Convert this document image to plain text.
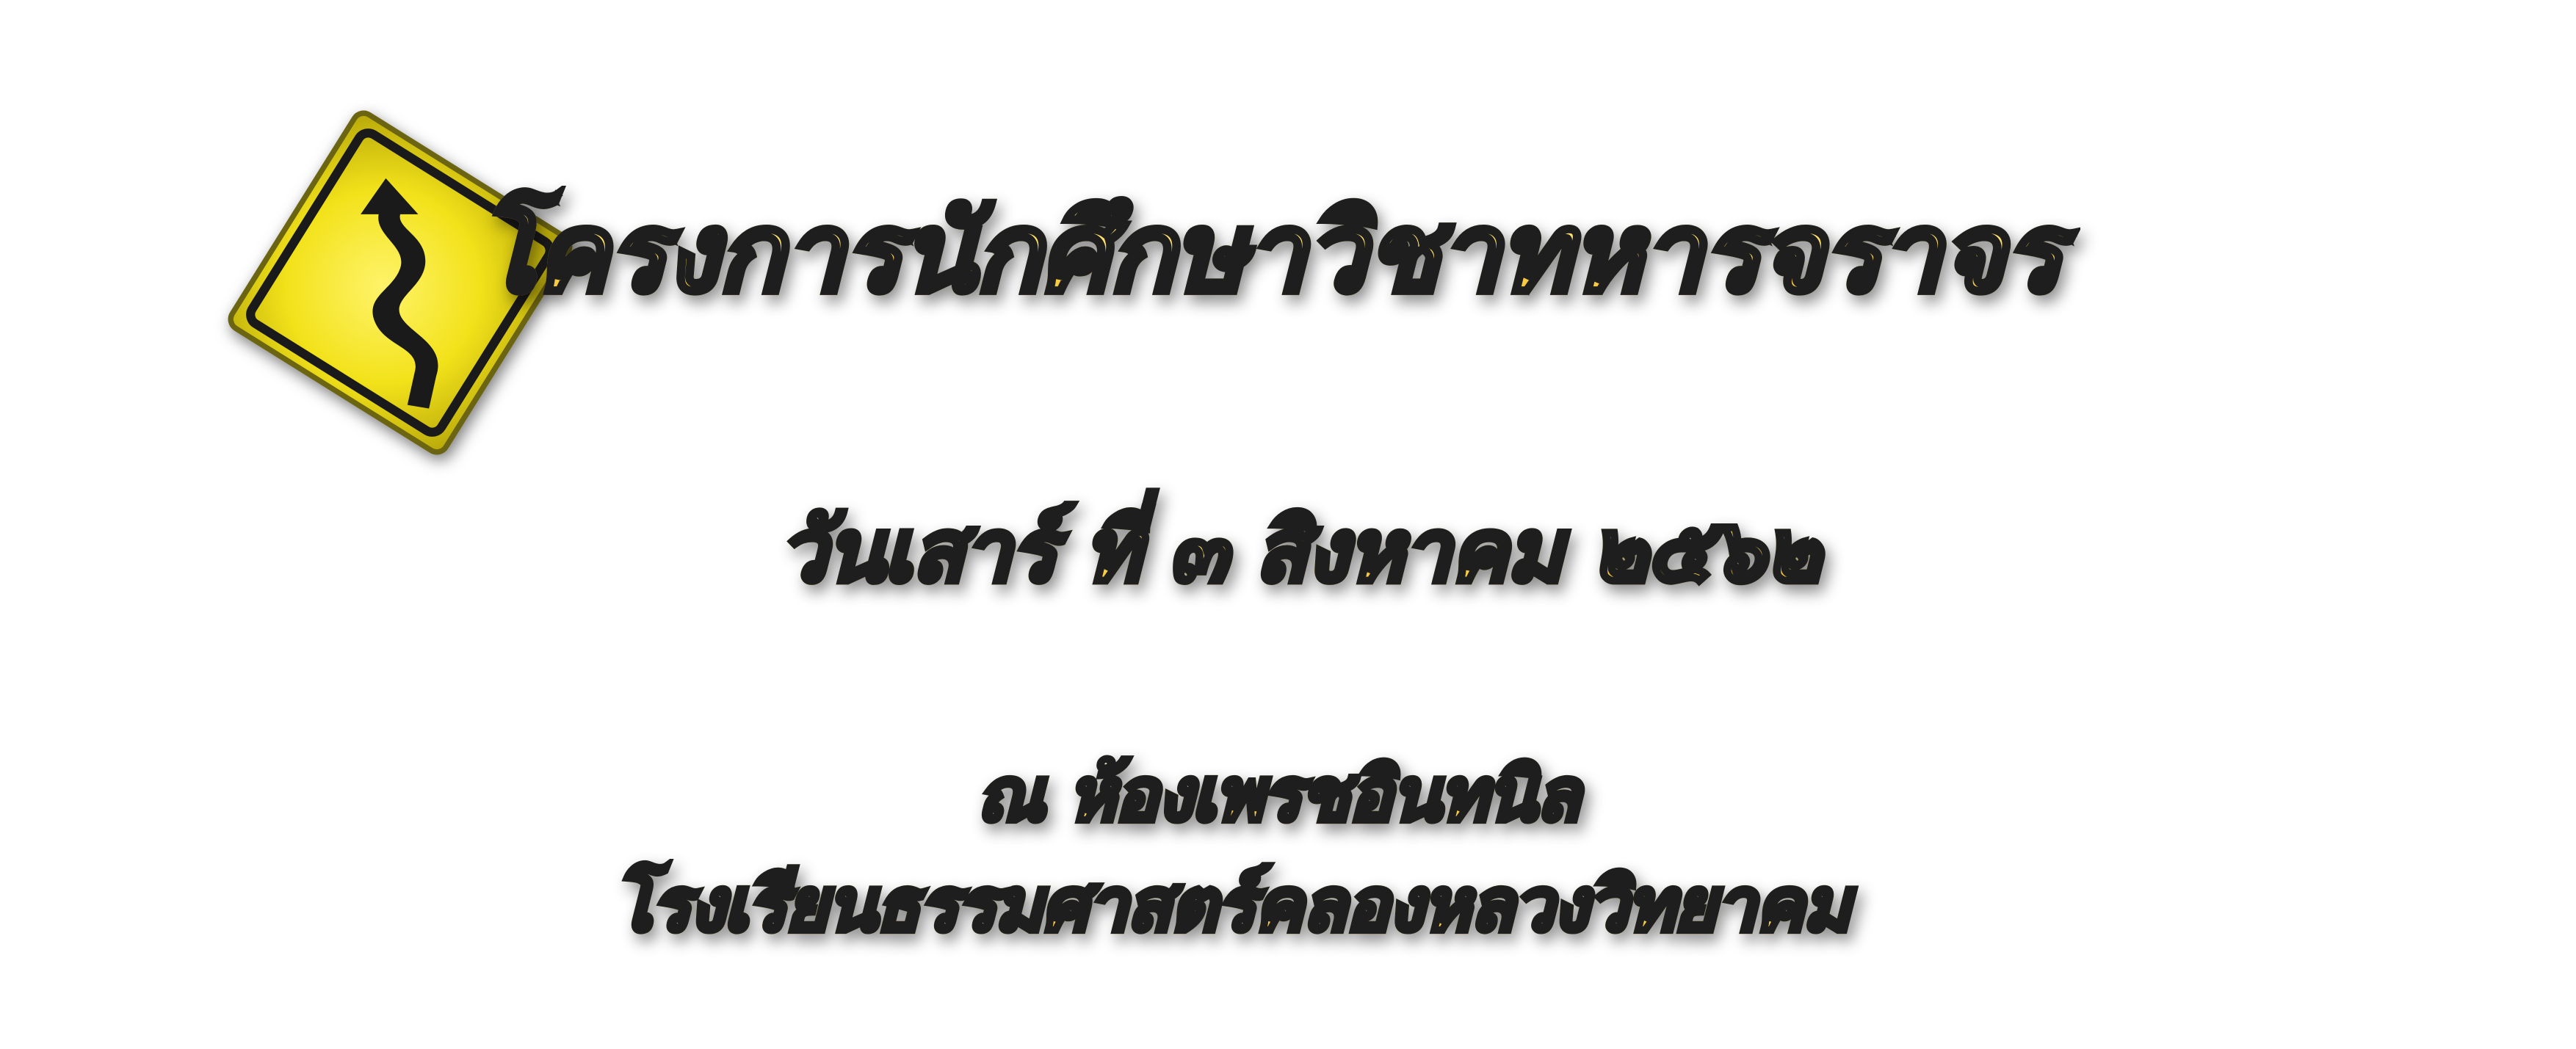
โครงการนักศึกษาวิชาทหารจราจร
วันเสาร์ ที่ ๓ สิงหาคม ๒๕๖๒
ณ ห้องเพรชอินทนิล
โรงเรียนธรรมศาสตร์คลองหลวงวิทยาคม
